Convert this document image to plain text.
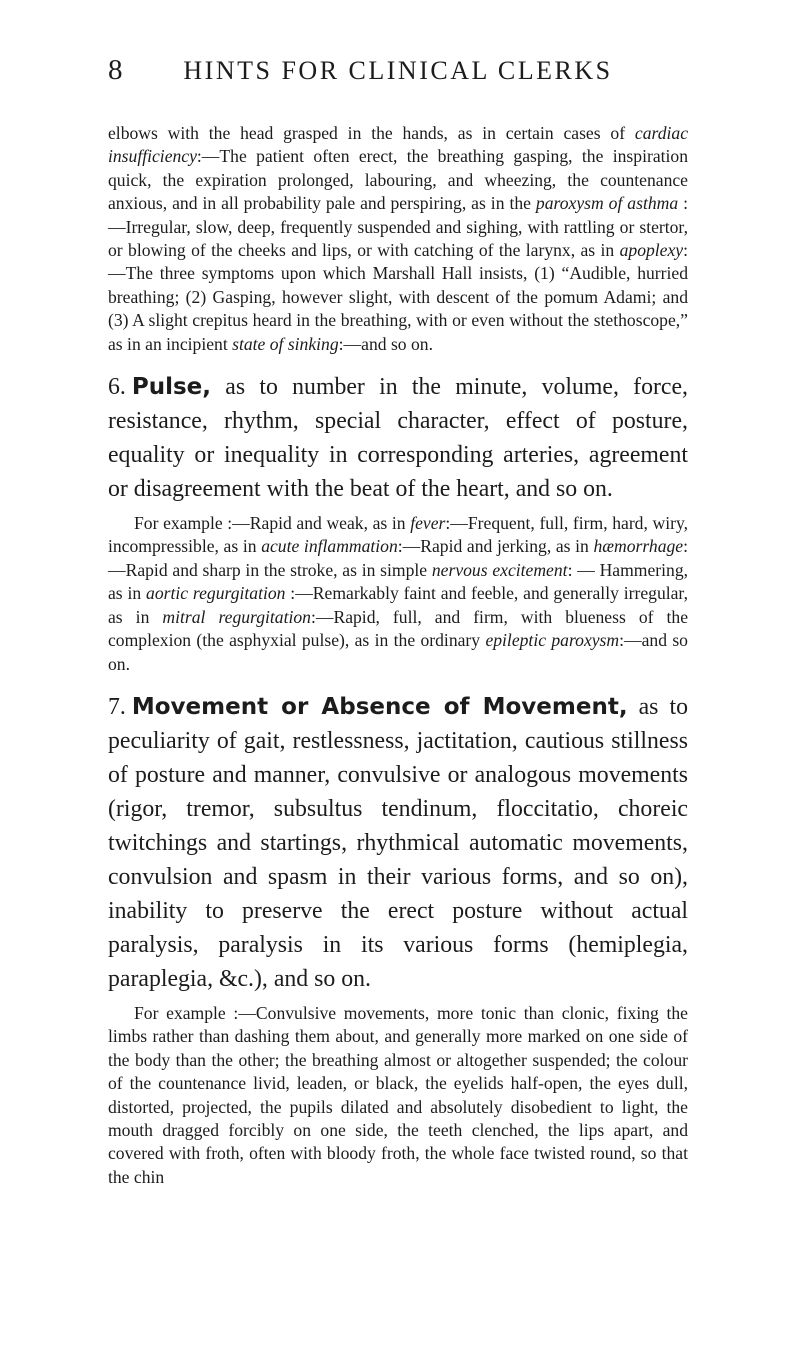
8	HINTS FOR CLINICAL CLERKS

elbows with the head grasped in the hands, as in certain cases of cardiac insufficiency:—The patient often erect, the breathing gasping, the inspiration quick, the expiration prolonged, labouring, and wheezing, the countenance anxious, and in all probability pale and perspiring, as in the paroxysm of asthma :—Irregular, slow, deep, frequently suspended and sighing, with rattling or stertor, or blowing of the cheeks and lips, or with catching of the larynx, as in apoplexy:—The three symptoms upon which Marshall Hall insists, (1) “Audible, hurried breathing; (2) Gasping, however slight, with descent of the pomum Adami; and (3) A slight crepitus heard in the breathing, with or even without the stethoscope,” as in an incipient state of sinking:—and so on.

6. Pulse, as to number in the minute, volume, force, resistance, rhythm, special character, effect of posture, equality or inequality in corresponding arteries, agreement or disagreement with the beat of the heart, and so on.

For example :—Rapid and weak, as in fever:—Frequent, full, firm, hard, wiry, incompressible, as in acute inflammation:—Rapid and jerking, as in hæmorrhage:—Rapid and sharp in the stroke, as in simple nervous excitement: — Hammering, as in aortic regurgitation :—Remarkably faint and feeble, and generally irregular, as in mitral regurgitation:—Rapid, full, and firm, with blueness of the complexion (the asphyxial pulse), as in the ordinary epileptic paroxysm:—and so on.

7. Movement or Absence of Movement, as to peculiarity of gait, restlessness, jactitation, cautious stillness of posture and manner, convulsive or analogous movements (rigor, tremor, subsultus tendinum, floccitatio, choreic twitchings and startings, rhythmical automatic movements, convulsion and spasm in their various forms, and so on), inability to preserve the erect posture without actual paralysis, paralysis in its various forms (hemiplegia, paraplegia, &c.), and so on.

For example :—Convulsive movements, more tonic than clonic, fixing the limbs rather than dashing them about, and generally more marked on one side of the body than the other; the breathing almost or altogether suspended; the colour of the countenance livid, leaden, or black, the eyelids half-open, the eyes dull, distorted, projected, the pupils dilated and absolutely disobedient to light, the mouth dragged forcibly on one side, the teeth clenched, the lips apart, and covered with froth, often with bloody froth, the whole face twisted round, so that the chin
